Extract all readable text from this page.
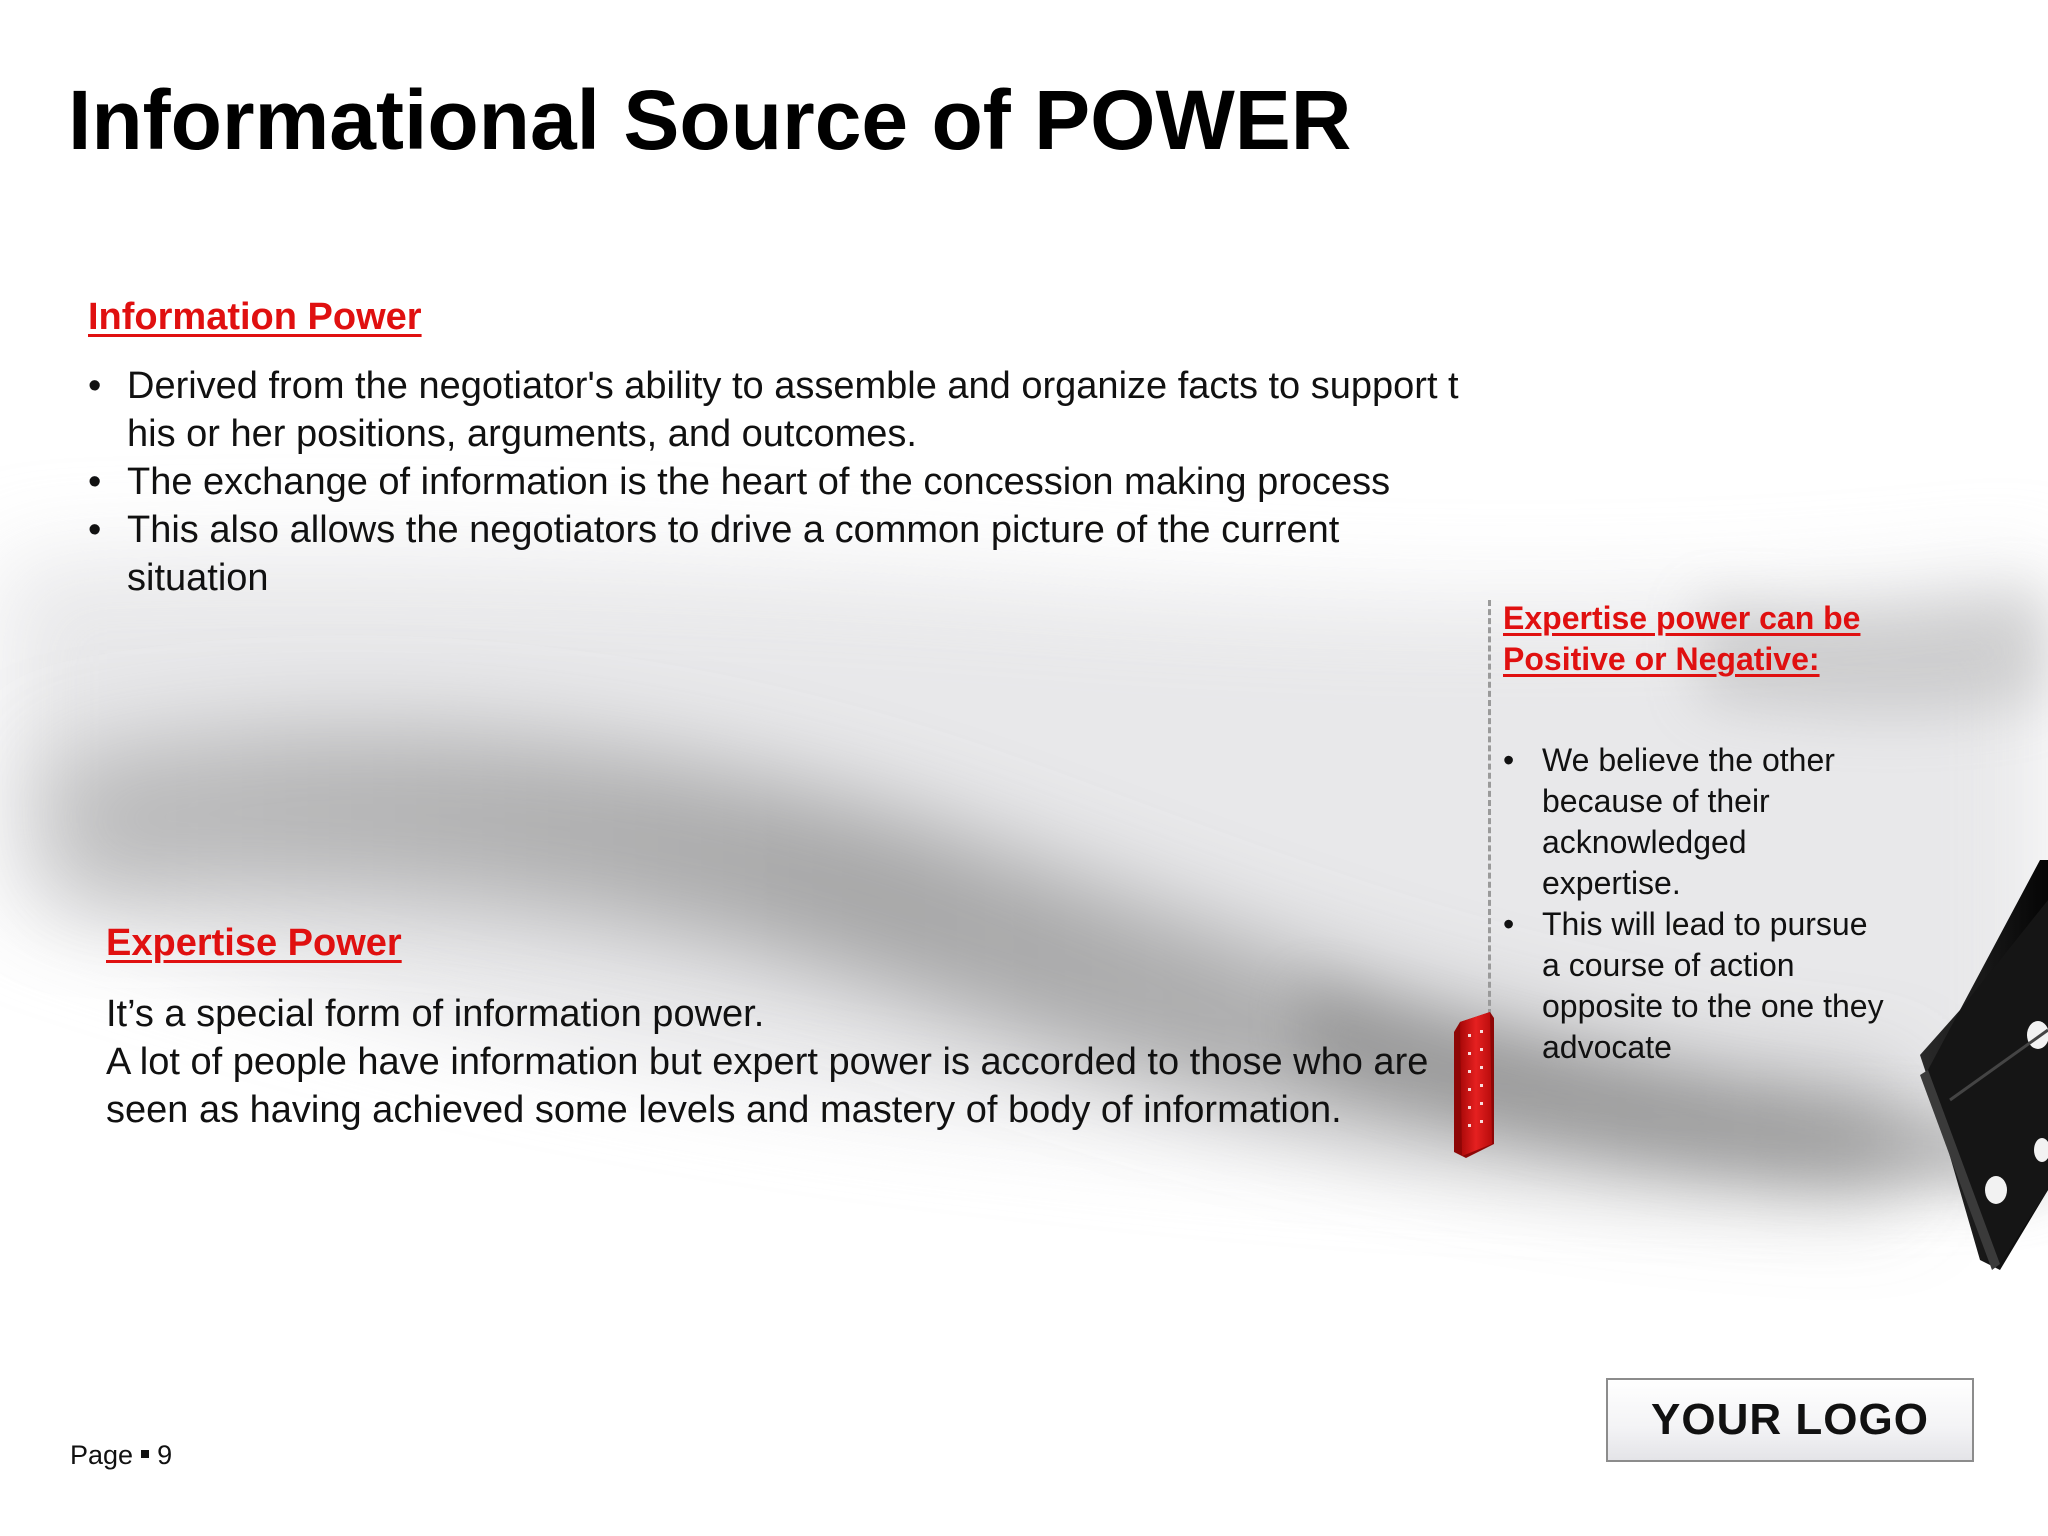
Informational Source of POWER
Information Power
• Derived from the negotiator's ability to assemble and organize facts to support t his or her positions, arguments, and outcomes.
• The exchange of information is the heart of the concession making process
• This also allows the negotiators to drive a common picture of the current situation
Expertise Power

It’s a special form of information power.

A lot of people have information but expert power is accorded to those who are seen as having achieved some levels and mastery of body of information.

Expertise power can be Positive or Negative:
• We believe the other because of their acknowledged expertise.
• This will lead to pursue a course of action opposite to the one they advocate
YOUR LOGO
Page 9
